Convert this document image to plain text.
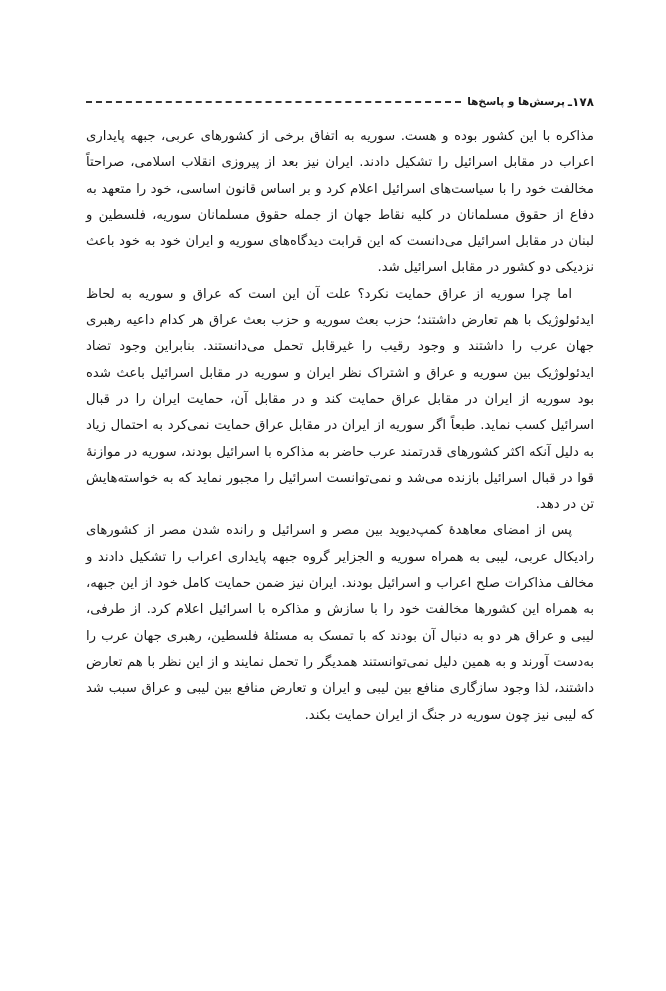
۱۷۸
ـ
پرسش‌ها و پاسخ‌ها

مذاکره با این کشور بوده و هست. سوریه به اتفاق برخی از کشورهای عربی، جبهه پایداری اعراب در مقابل اسرائیل را تشکیل دادند. ایران نیز بعد از پیروزی انقلاب اسلامی، صراحتاً مخالفت خود را با سیاست‌های اسرائیل اعلام کرد و بر اساس قانون اساسی، خود را متعهد به دفاع از حقوق مسلمانان در کلیه نقاط جهان از جمله حقوق مسلمانان سوریه، فلسطین و لبنان در مقابل اسرائیل می‌دانست که این قرابت دیدگاه‌های سوریه و ایران خود به خود باعث نزدیکی دو کشور در مقابل اسرائیل شد.

اما چرا سوریه از عراق حمایت نکرد؟ علت آن این است که عراق و سوریه به لحاظ ایدئولوژیک با هم تعارض داشتند؛ حزب بعث سوریه و حزب بعث عراق هر کدام داعیه رهبری جهان عرب را داشتند و وجود رقیب را غیرقابل تحمل می‌دانستند. بنابراین وجود تضاد ایدئولوژیک بین سوریه و عراق و اشتراک نظر ایران و سوریه در مقابل اسرائیل باعث شده بود سوریه از ایران در مقابل عراق حمایت کند و در مقابل آن، حمایت ایران را در قبال اسرائیل کسب نماید. طبعاً اگر سوریه از ایران در مقابل عراق حمایت نمی‌کرد به احتمال زیاد به دلیل آنکه اکثر کشورهای قدرتمند عرب حاضر به مذاکره با اسرائیل بودند، سوریه در موازنهٔ قوا در قبال اسرائیل بازنده می‌شد و نمی‌توانست اسرائیل را مجبور نماید که به خواسته‌هایش تن در دهد.

پس از امضای معاهدهٔ کمپ‌دیوید بین مصر و اسرائیل و رانده شدن مصر از کشورهای رادیکال عربی، لیبی به همراه سوریه و الجزایر گروه جبهه پایداری اعراب را تشکیل دادند و مخالف مذاکرات صلح اعراب و اسرائیل بودند. ایران نیز ضمن حمایت کامل خود از این جبهه، به همراه این کشورها مخالفت خود را با سازش و مذاکره با اسرائیل اعلام کرد. از طرفی، لیبی و عراق هر دو به دنبال آن بودند که با تمسک به مسئلهٔ فلسطین، رهبری جهان عرب را به‌دست آورند و به همین دلیل نمی‌توانستند همدیگر را تحمل نمایند و از این نظر با هم تعارض داشتند، لذا وجود سازگاری منافع بین لیبی و ایران و تعارض منافع بین لیبی و عراق سبب شد که لیبی نیز چون سوریه در جنگ از ایران حمایت بکند.
